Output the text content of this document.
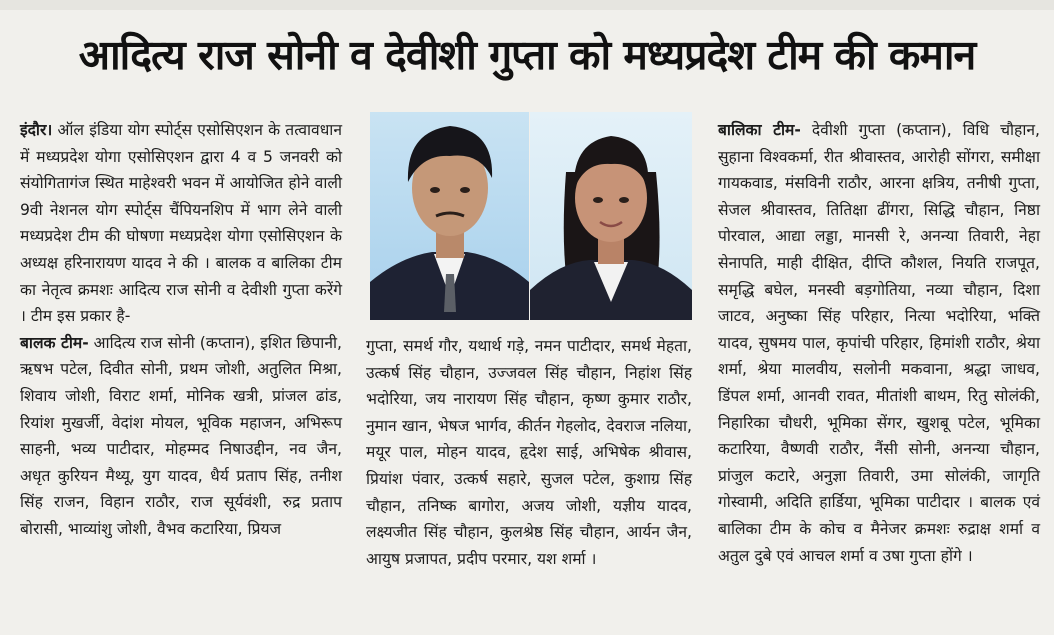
आदित्य राज सोनी व देवीशी गुप्ता को मध्यप्रदेश टीम की कमान

इंदौर। ऑल इंडिया योग स्पोर्ट्स एसोसिएशन के तत्वावधान में मध्यप्रदेश योगा एसोसिएशन द्वारा 4 व 5 जनवरी को संयोगितागंज स्थित माहेश्वरी भवन में आयोजित होने वाली 9वी नेशनल योग स्पोर्ट्स चैंपियनशिप में भाग लेने वाली मध्यप्रदेश टीम की घोषणा मध्यप्रदेश योगा एसोसिएशन के अध्यक्ष हरिनारायण यादव ने की । बालक व बालिका टीम का नेतृत्व क्रमशः आदित्य राज सोनी व देवीशी गुप्ता करेंगे । टीम इस प्रकार है-

बालक टीम- आदित्य राज सोनी (कप्तान), इशित छिपानी, ऋषभ पटेल, दिवीत सोनी, प्रथम जोशी, अतुलित मिश्रा, शिवाय जोशी, विराट शर्मा, मोनिक खत्री, प्रांजल ढांड, रियांश मुखर्जी, वेदांश मोयल, भूविक महाजन, अभिरूप साहनी, भव्य पाटीदार, मोहम्मद निषाउद्दीन, नव जैन, अधृत कुरियन मैथ्यू, युग यादव, धैर्य प्रताप सिंह, तनीश सिंह राजन, विहान राठौर, राज सूर्यवंशी, रुद्र प्रताप बोरासी, भाव्यांशु जोशी, वैभव कटारिया, प्रियज

गुप्ता, समर्थ गौर, यथार्थ गड़े, नमन पाटीदार, समर्थ मेहता, उत्कर्ष सिंह चौहान, उज्जवल सिंह चौहान, निहांश सिंह भदोरिया, जय नारायण सिंह चौहान, कृष्ण कुमार राठौर, नुमान खान, भेषज भार्गव, कीर्तन गेहलोद, देवराज नलिया, मयूर पाल, मोहन यादव, हृदेश साई, अभिषेक श्रीवास, प्रियांश पंवार, उत्कर्ष सहारे, सुजल पटेल, कुशाग्र सिंह चौहान, तनिष्क बागोरा, अजय जोशी, यज्ञीय यादव, लक्ष्यजीत सिंह चौहान, कुलश्रेष्ठ सिंह चौहान, आर्यन जैन, आयुष प्रजापत, प्रदीप परमार, यश शर्मा ।

बालिका टीम- देवीशी गुप्ता (कप्तान), विधि चौहान, सुहाना विश्वकर्मा, रीत श्रीवास्तव, आरोही सोंगरा, समीक्षा गायकवाड, मंसविनी राठौर, आरना क्षत्रिय, तनीषी गुप्ता, सेजल श्रीवास्तव, तितिक्षा ढींगरा, सिद्धि चौहान, निष्ठा पोरवाल, आद्या लड्डा, मानसी रे, अनन्या तिवारी, नेहा सेनापति, माही दीक्षित, दीप्ति कौशल, नियति राजपूत, समृद्धि बघेल, मनस्वी बड़गोतिया, नव्या चौहान, दिशा जाटव, अनुष्का सिंह परिहार, नित्या भदोरिया, भक्ति यादव, सुषमय पाल, कृपांची परिहार, हिमांशी राठौर, श्रेया शर्मा, श्रेया मालवीय, सलोनी मकवाना, श्रद्धा जाधव, डिंपल शर्मा, आनवी रावत, मीतांशी बाथम, रितु सोलंकी, निहारिका चौधरी, भूमिका सेंगर, खुशबू पटेल, भूमिका कटारिया, वैष्णवी राठौर, नैंसी सोनी, अनन्या चौहान, प्रांजुल कटारे, अनुज्ञा तिवारी, उमा सोलंकी, जागृति गोस्वामी, अदिति हार्डिया, भूमिका पाटीदार । बालक एवं बालिका टीम के कोच व मैनेजर क्रमशः रुद्राक्ष शर्मा व अतुल दुबे एवं आचल शर्मा व उषा गुप्ता होंगे ।
